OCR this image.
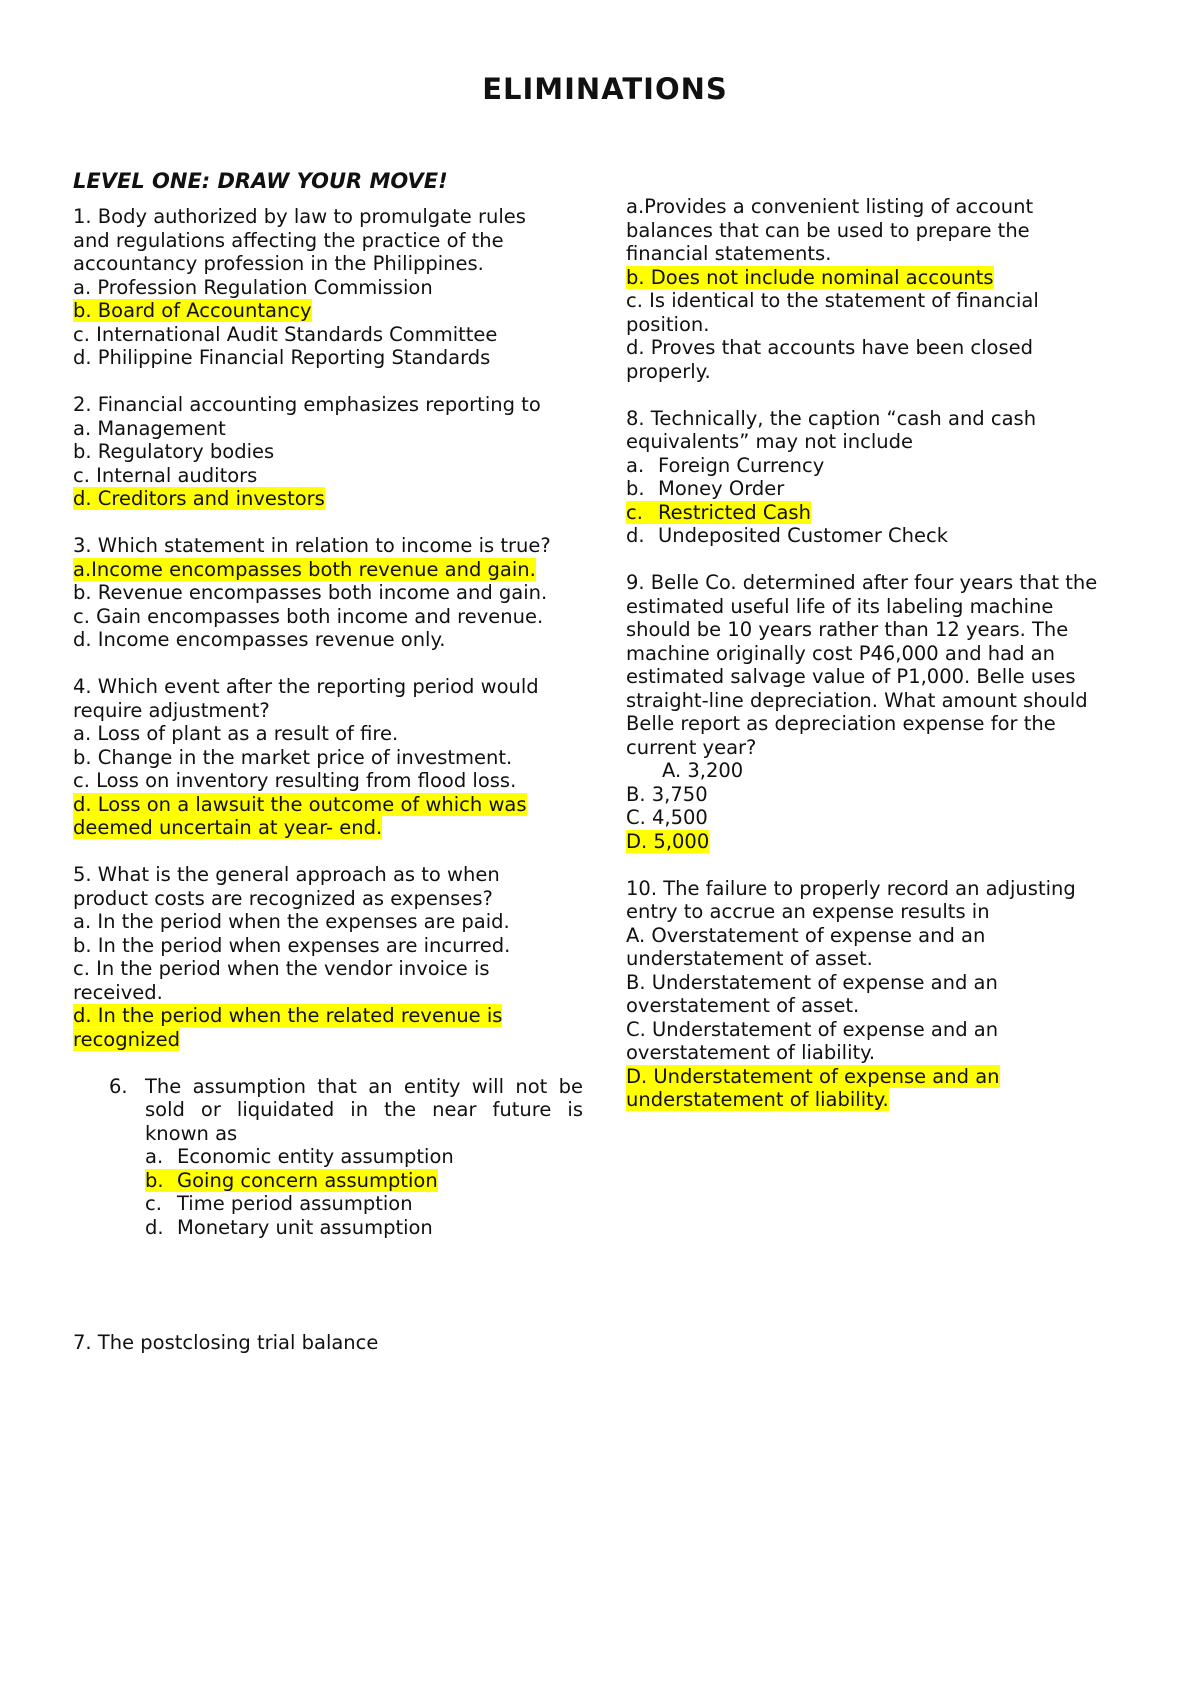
ELIMINATIONS

LEVEL ONE: DRAW YOUR MOVE!

1. Body authorized by law to promulgate rules
and regulations affecting the practice of the
accountancy profession in the Philippines.

a. Profession Regulation Commission

b. Board of Accountancy

c. International Audit Standards Committee

d. Philippine Financial Reporting Standards

2. Financial accounting emphasizes reporting to

a. Management

b. Regulatory bodies

c. Internal auditors

d. Creditors and investors

3. Which statement in relation to income is true?

a.Income encompasses both revenue and gain.

b. Revenue encompasses both income and gain.

c. Gain encompasses both income and revenue.

d. Income encompasses revenue only.

4. Which event after the reporting period would
require adjustment?

a. Loss of plant as a result of fire.

b. Change in the market price of investment.

c. Loss on inventory resulting from flood loss.

d. Loss on a lawsuit the outcome of which was
deemed uncertain at year- end.

5. What is the general approach as to when
product costs are recognized as expenses?

a. In the period when the expenses are paid.

b. In the period when expenses are incurred.

c. In the period when the vendor invoice is
received.

d. In the period when the related revenue is
recognized

6. The assumption that an entity will not be sold or liquidated in the near future is known as
a. Economic entity assumption
b. Going concern assumption
c. Time period assumption
d. Monetary unit assumption

7. The postclosing trial balance

a.Provides a convenient listing of account
balances that can be used to prepare the
financial statements.

b. Does not include nominal accounts

c. Is identical to the statement of financial
position.

d. Proves that accounts have been closed
properly.

8. Technically, the caption “cash and cash
equivalents” may not include

a. Foreign Currency
b. Money Order
c. Restricted Cash
d. Undeposited Customer Check

9. Belle Co. determined after four years that the
estimated useful life of its labeling machine
should be 10 years rather than 12 years. The
machine originally cost P46,000 and had an
estimated salvage value of P1,000. Belle uses
straight-line depreciation. What amount should
Belle report as depreciation expense for the
current year?

A. 3,200

B. 3,750

C. 4,500

D. 5,000

10. The failure to properly record an adjusting
entry to accrue an expense results in

A. Overstatement of expense and an
understatement of asset.

B. Understatement of expense and an
overstatement of asset.

C. Understatement of expense and an
overstatement of liability.

D. Understatement of expense and an
understatement of liability.
